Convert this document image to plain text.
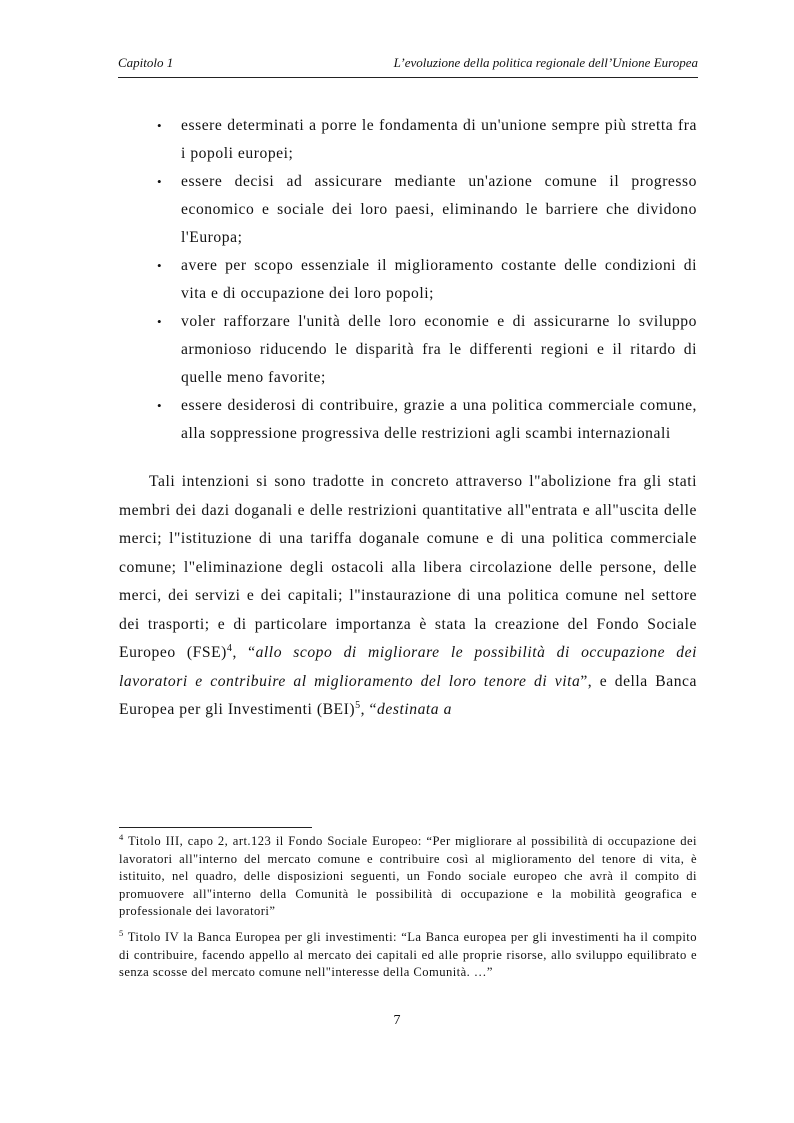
Capitolo 1	L’evoluzione della politica regionale dell’Unione Europea
• essere determinati a porre le fondamenta di un'unione sempre più stretta fra i popoli europei;
• essere decisi ad assicurare mediante un'azione comune il progresso economico e sociale dei loro paesi, eliminando le barriere che dividono l'Europa;
• avere per scopo essenziale il miglioramento costante delle condizioni di vita e di occupazione dei loro popoli;
• voler rafforzare l'unità delle loro economie e di assicurarne lo sviluppo armonioso riducendo le disparità fra le differenti regioni e il ritardo di quelle meno favorite;
• essere desiderosi di contribuire, grazie a una politica commerciale comune, alla soppressione progressiva delle restrizioni agli scambi internazionali

Tali intenzioni si sono tradotte in concreto attraverso l"abolizione fra gli stati membri dei dazi doganali e delle restrizioni quantitative all"entrata e all"uscita delle merci; l"istituzione di una tariffa doganale comune e di una politica commerciale comune; l"eliminazione degli ostacoli alla libera circolazione delle persone, delle merci, dei servizi e dei capitali; l"instaurazione di una politica comune nel settore dei trasporti; e di particolare importanza è stata la creazione del Fondo Sociale Europeo (FSE)$^4$, “allo scopo di migliorare le possibilità di occupazione dei lavoratori e contribuire al miglioramento del loro tenore di vita”, e della Banca Europea per gli Investimenti (BEI)$^5$, “destinata a

$^4$ Titolo III, capo 2, art.123 il Fondo Sociale Europeo: “Per migliorare al possibilità di occupazione dei lavoratori all"interno del mercato comune e contribuire così al miglioramento del tenore di vita, è istituito, nel quadro, delle disposizioni seguenti, un Fondo sociale europeo che avrà il compito di promuovere all"interno della Comunità le possibilità di occupazione e la mobilità geografica e professionale dei lavoratori”

$^5$ Titolo IV la Banca Europea per gli investimenti: “La Banca europea per gli investimenti ha il compito di contribuire, facendo appello al mercato dei capitali ed alle proprie risorse, allo sviluppo equilibrato e senza scosse del mercato comune nell"interesse della Comunità. …”

7
